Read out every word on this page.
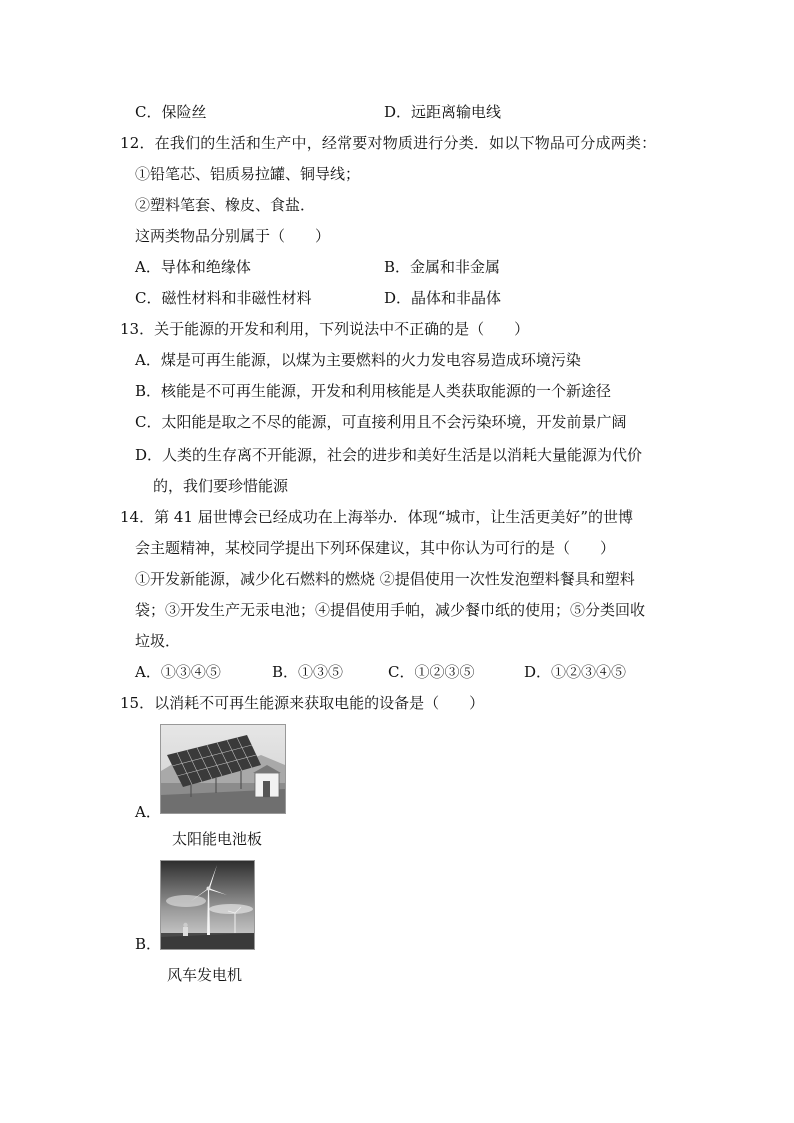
C．保险丝	D．远距离输电线
12．在我们的生活和生产中，经常要对物质进行分类．如以下物品可分成两类：
①铅笔芯、铝质易拉罐、铜导线；
②塑料笔套、橡皮、食盐．
这两类物品分别属于（　　）
A．导体和绝缘体	B．金属和非金属
C．磁性材料和非磁性材料	D．晶体和非晶体
13．关于能源的开发和利用，下列说法中不正确的是（　　）
A．煤是可再生能源，以煤为主要燃料的火力发电容易造成环境污染
B．核能是不可再生能源，开发和利用核能是人类获取能源的一个新途径
C．太阳能是取之不尽的能源，可直接利用且不会污染环境，开发前景广阔
D．人类的生存离不开能源，社会的进步和美好生活是以消耗大量能源为代价
的，我们要珍惜能源
14．第 41 届世博会已经成功在上海举办．体现“城市，让生活更美好”的世博
会主题精神，某校同学提出下列环保建议，其中你认为可行的是（　　）
①开发新能源，减少化石燃料的燃烧 ②提倡使用一次性发泡塑料餐具和塑料
袋；③开发生产无汞电池；④提倡使用手帕，减少餐巾纸的使用；⑤分类回收
垃圾．
A．①③④⑤	B．①③⑤	C．①②③⑤	D．①②③④⑤
15．以消耗不可再生能源来获取电能的设备是（　　）
A．
太阳能电池板
B．
风车发电机
